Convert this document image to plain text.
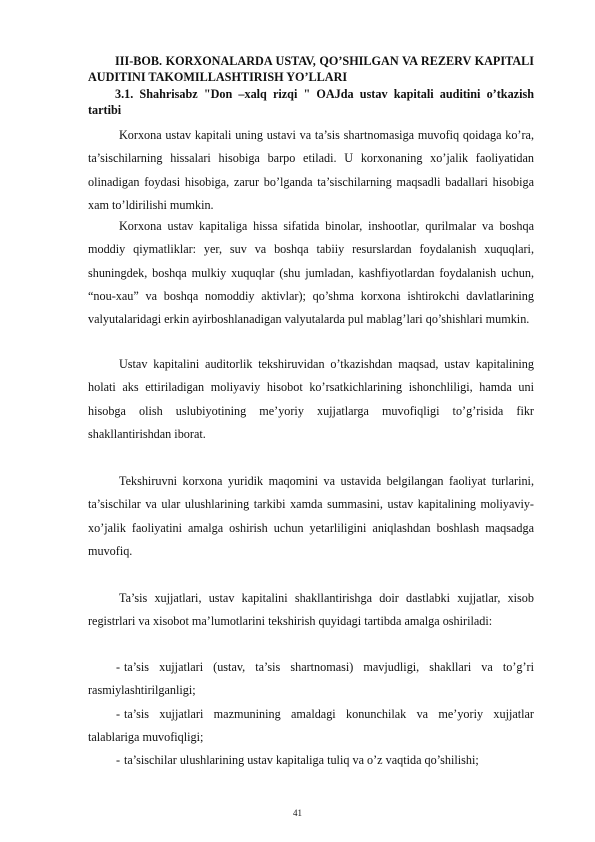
III-BOB. KORXONALARDA USTAV, QO’SHILGAN VA REZERV KAPITALI AUDITINI TAKOMILLASHTIRISH YO’LLARI
3.1. Shahrisabz "Don –xalq rizqi " OAJda ustav kapitali auditini o’tkazish tartibi
Korxona ustav kapitali uning ustavi va ta’sis shartnomasiga muvofiq qoidaga ko’ra, ta’sischilarning hissalari hisobiga barpo etiladi. U korxonaning xo’jalik faoliyatidan olinadigan foydasi hisobiga, zarur bo’lganda ta’sischilarning maqsadli badallari hisobiga xam to’ldirilishi mumkin.
Korxona ustav kapitaliga hissa sifatida binolar, inshootlar, qurilmalar va boshqa moddiy qiymatliklar: yer, suv va boshqa tabiiy resurslardan foydalanish xuquqlari, shuningdek, boshqa mulkiy xuquqlar (shu jumladan, kashfiyotlardan foydalanish uchun, “nou-xau” va boshqa nomoddiy aktivlar); qo’shma korxona ishtirokchi davlatlarining valyutalaridagi erkin ayirboshlanadigan valyutalarda pul mablag’lari qo’shishlari mumkin.
Ustav kapitalini auditorlik tekshiruvidan o’tkazishdan maqsad, ustav kapitalining holati aks ettiriladigan moliyaviy hisobot ko’rsatkichlarining ishonchliligi, hamda uni hisobga olish uslubiyotining me’yoriy xujjatlarga muvofiqligi to’g’risida fikr shakllantirishdan iborat.
Tekshiruvni korxona yuridik maqomini va ustavida belgilangan faoliyat turlarini, ta’sischilar va ular ulushlarining tarkibi xamda summasini, ustav kapitalining moliyaviy-xo’jalik faoliyatini amalga oshirish uchun yetarliligini aniqlashdan boshlash maqsadga muvofiq.
Ta’sis xujjatlari, ustav kapitalini shakllantirishga doir dastlabki xujjatlar, xisob registrlari va xisobot ma’lumotlarini tekshirish quyidagi tartibda amalga oshiriladi:
- ta’sis xujjatlari (ustav, ta’sis shartnomasi) mavjudligi, shakllari va to’g’ri rasmiylashtirilganligi;
- ta’sis xujjatlari mazmunining amaldagi konunchilak va me’yoriy xujjatlar talablariga muvofiqligi;
- ta’sischilar ulushlarining ustav kapitaliga tuliq va o’z vaqtida qo’shilishi;
41
